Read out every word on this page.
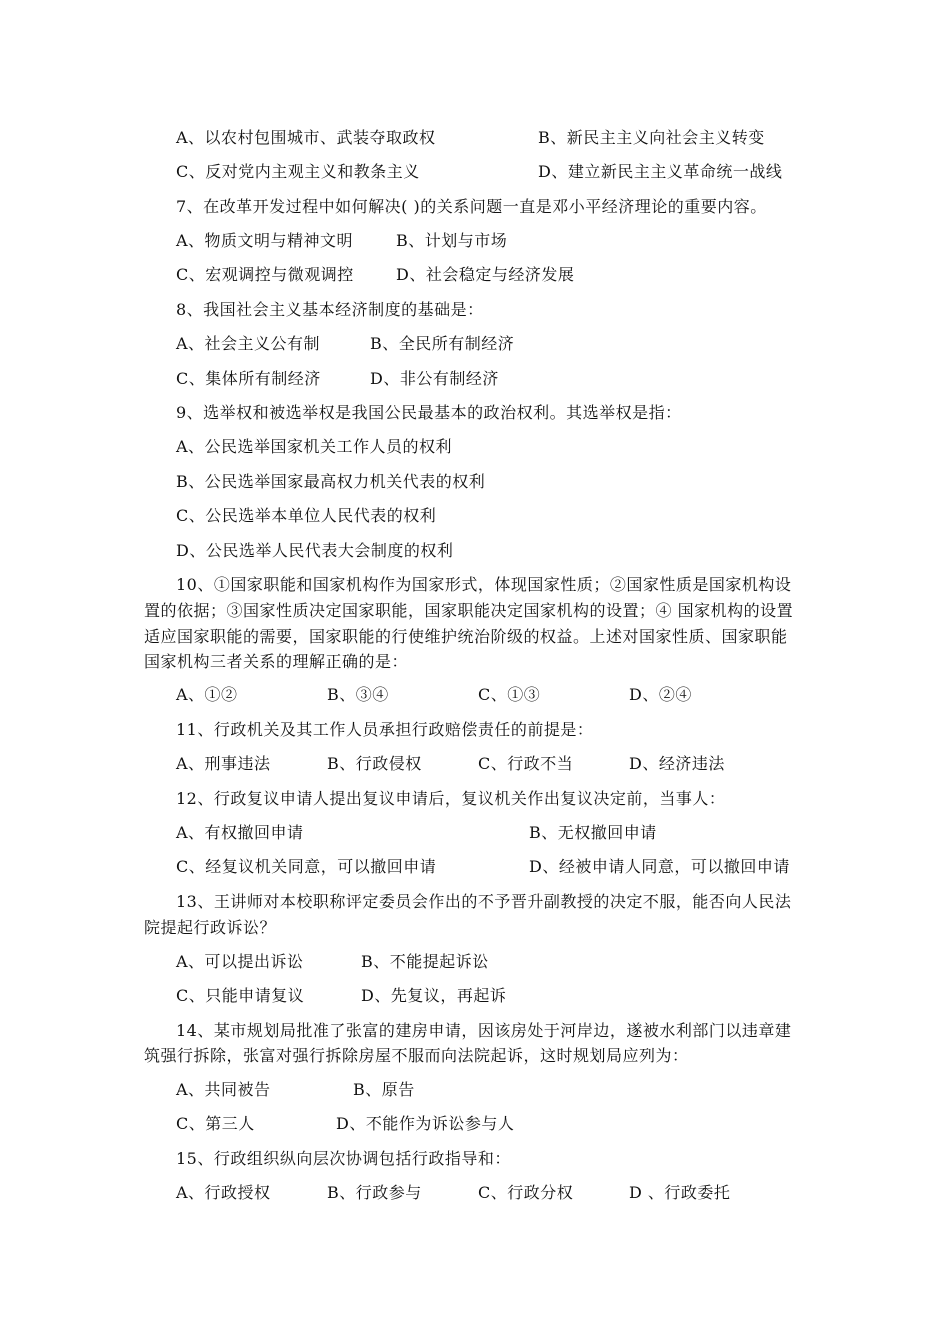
A、以农村包围城市、武装夺取政权	B、新民主主义向社会主义转变
C、反对党内主观主义和教条主义	D、建立新民主主义革命统一战线
7、在改革开发过程中如何解决( )的关系问题一直是邓小平经济理论的重要内容。
A、物质文明与精神文明	B、计划与市场
C、宏观调控与微观调控	D、社会稳定与经济发展
8、我国社会主义基本经济制度的基础是：
A、社会主义公有制	B、全民所有制经济
C、集体所有制经济	D、非公有制经济
9、选举权和被选举权是我国公民最基本的政治权利。其选举权是指：
A、公民选举国家机关工作人员的权利
B、公民选举国家最高权力机关代表的权利
C、公民选举本单位人民代表的权利
D、公民选举人民代表大会制度的权利
10、①国家职能和国家机构作为国家形式，体现国家性质；②国家性质是国家机构设
置的依据；③国家性质决定国家职能，国家职能决定国家机构的设置；④ 国家机构的设置
适应国家职能的需要，国家职能的行使维护统治阶级的权益。上述对国家性质、国家职能
国家机构三者关系的理解正确的是：
A、①②	B、③④	C、①③	D、②④
11、行政机关及其工作人员承担行政赔偿责任的前提是：
A、刑事违法	B、行政侵权	C、行政不当	D、经济违法
12、行政复议申请人提出复议申请后，复议机关作出复议决定前，当事人：
A、有权撤回申请	B、无权撤回申请
C、经复议机关同意，可以撤回申请	D、经被申请人同意，可以撤回申请
13、王讲师对本校职称评定委员会作出的不予晋升副教授的决定不服，能否向人民法
院提起行政诉讼？
A、可以提出诉讼	B、不能提起诉讼
C、只能申请复议	D、先复议，再起诉
14、某市规划局批准了张富的建房申请，因该房处于河岸边，遂被水利部门以违章建
筑强行拆除，张富对强行拆除房屋不服而向法院起诉，这时规划局应列为：
A、共同被告	B、原告
C、第三人	D、不能作为诉讼参与人
15、行政组织纵向层次协调包括行政指导和：
A、行政授权	B、行政参与	C、行政分权	D 、行政委托
